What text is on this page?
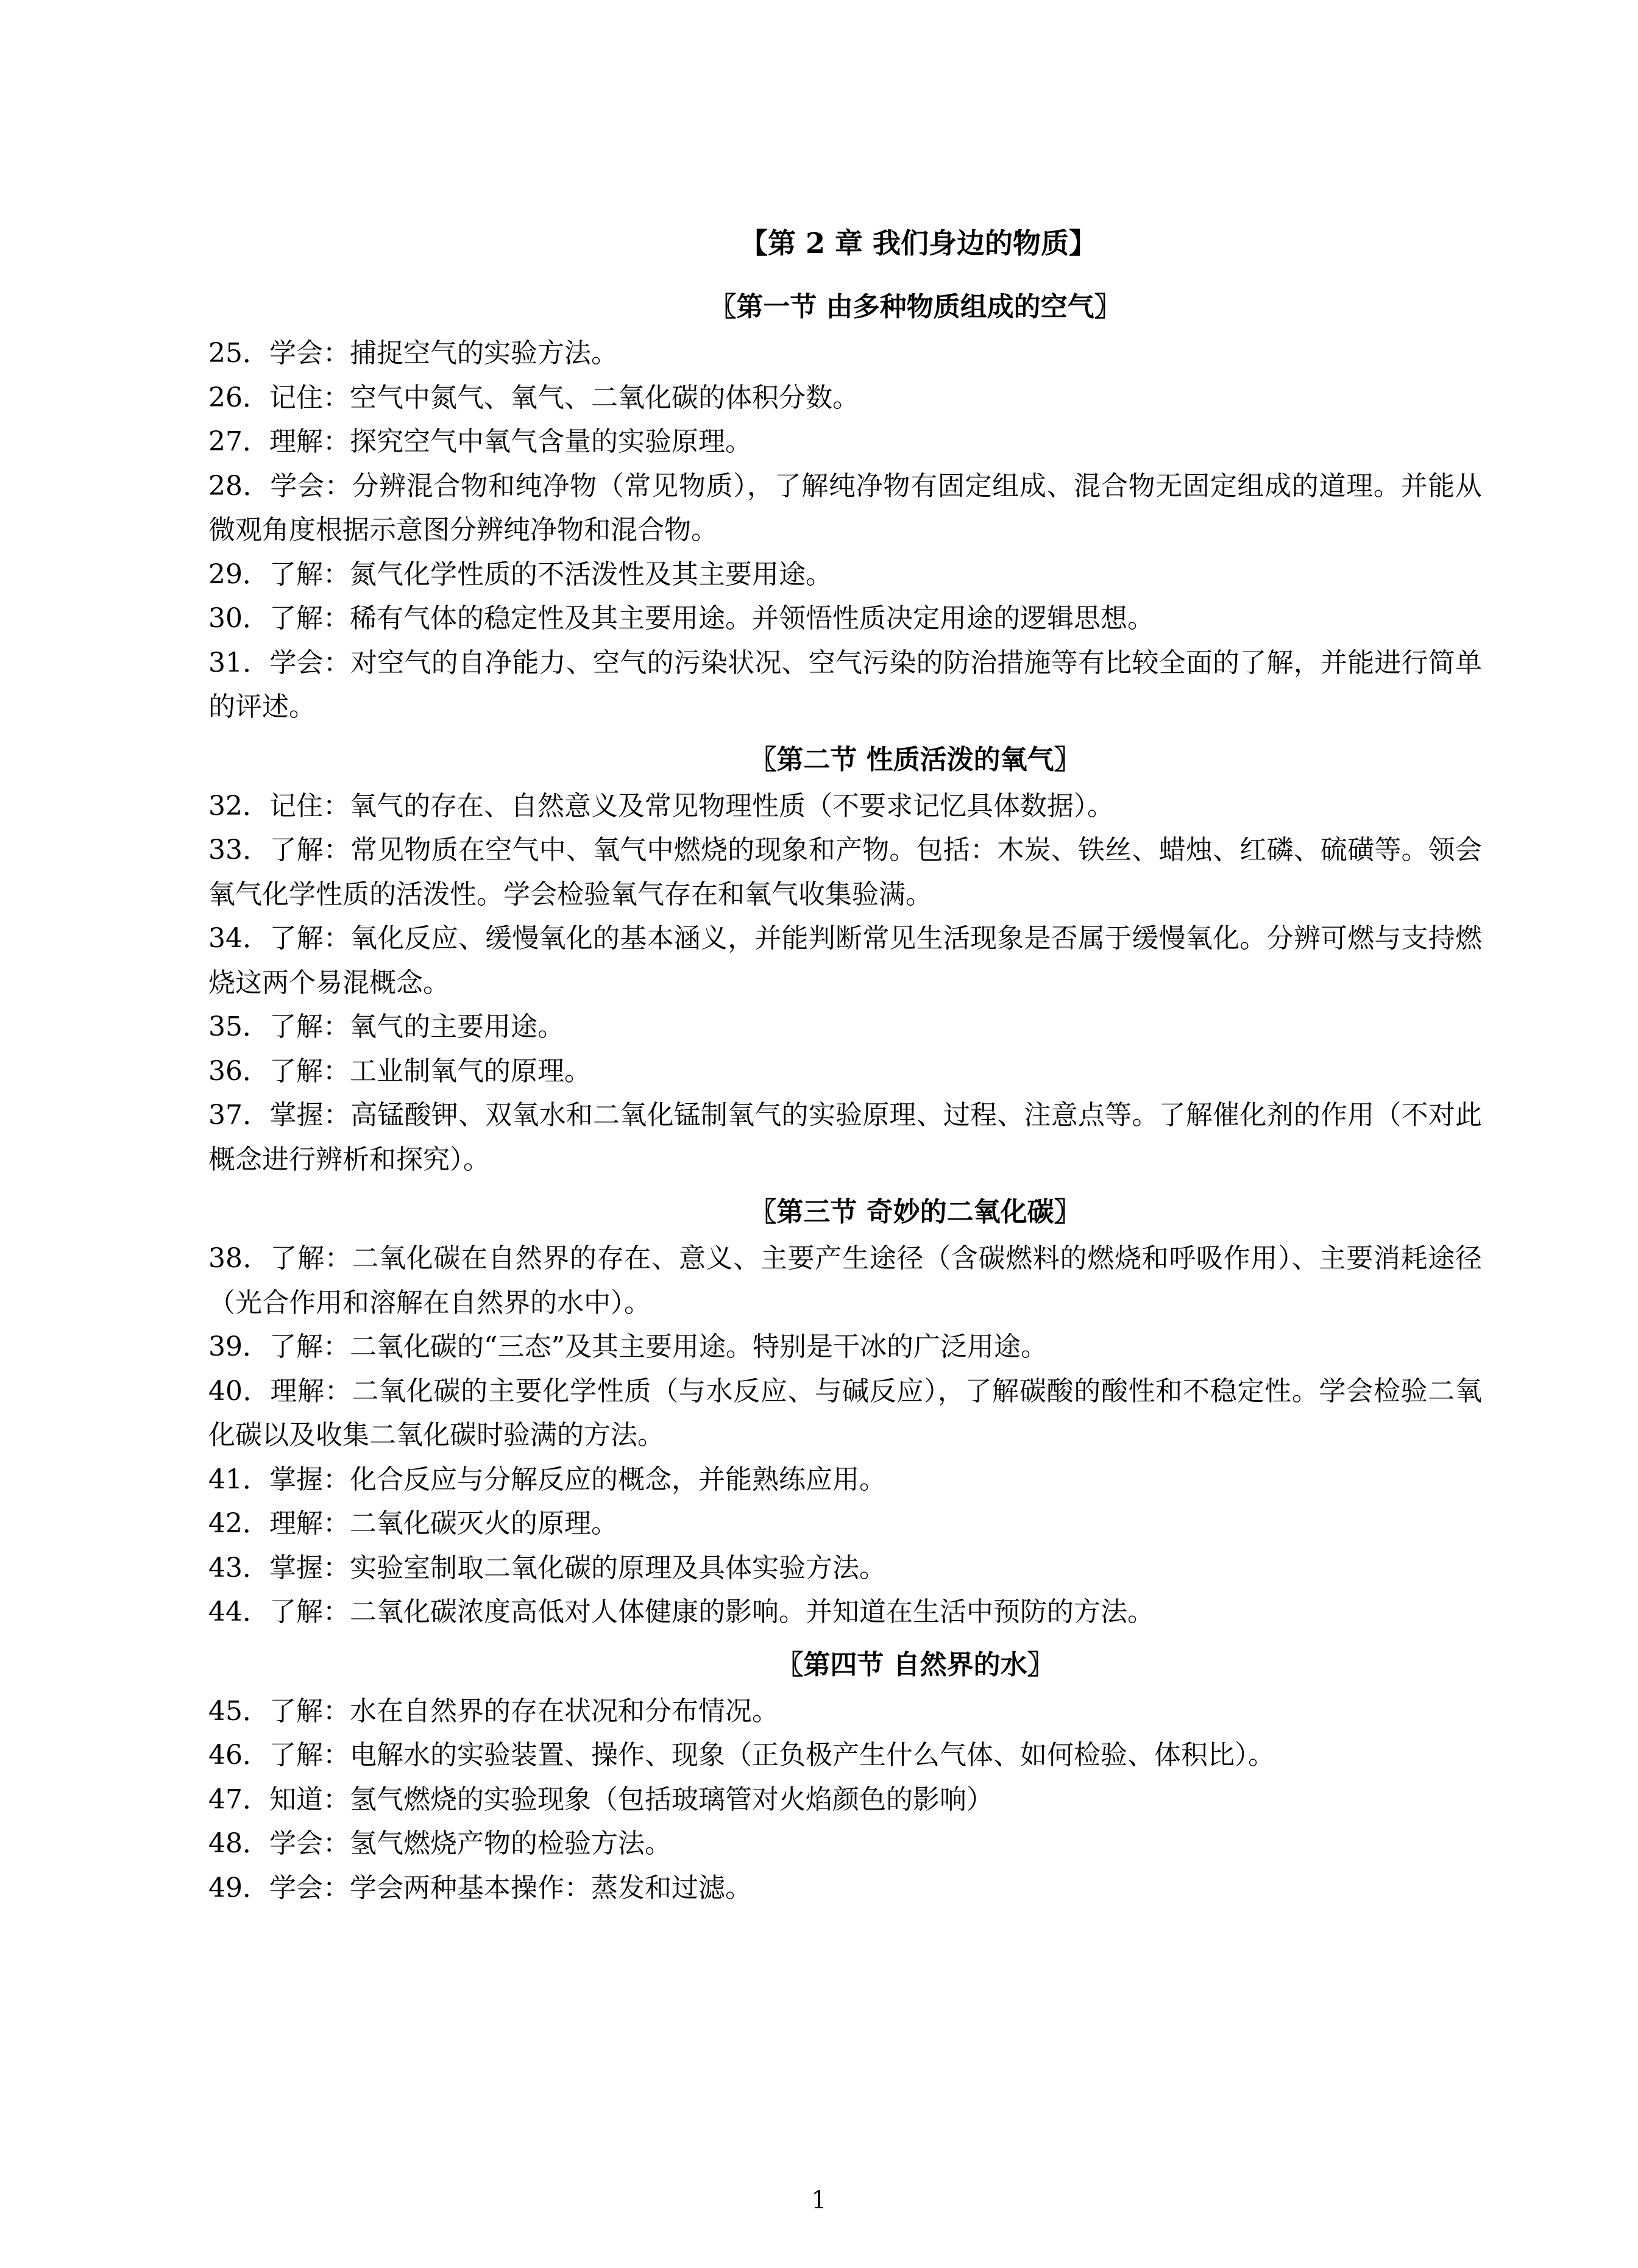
【第 2 章 我们身边的物质】
〖第一节 由多种物质组成的空气〗

25．学会：捕捉空气的实验方法。

26．记住：空气中氮气、氧气、二氧化碳的体积分数。

27．理解：探究空气中氧气含量的实验原理。

28．学会：分辨混合物和纯净物（常见物质），了解纯净物有固定组成、混合物无固定组成的道理。并能从微观角度根据示意图分辨纯净物和混合物。

29．了解：氮气化学性质的不活泼性及其主要用途。

30．了解：稀有气体的稳定性及其主要用途。并领悟性质决定用途的逻辑思想。

31．学会：对空气的自净能力、空气的污染状况、空气污染的防治措施等有比较全面的了解，并能进行简单的评述。

〖第二节 性质活泼的氧气〗

32．记住：氧气的存在、自然意义及常见物理性质（不要求记忆具体数据）。

33．了解：常见物质在空气中、氧气中燃烧的现象和产物。包括：木炭、铁丝、蜡烛、红磷、硫磺等。领会氧气化学性质的活泼性。学会检验氧气存在和氧气收集验满。

34．了解：氧化反应、缓慢氧化的基本涵义，并能判断常见生活现象是否属于缓慢氧化。分辨可燃与支持燃烧这两个易混概念。

35．了解：氧气的主要用途。

36．了解：工业制氧气的原理。

37．掌握：高锰酸钾、双氧水和二氧化锰制氧气的实验原理、过程、注意点等。了解催化剂的作用（不对此概念进行辨析和探究）。

〖第三节 奇妙的二氧化碳〗

38．了解：二氧化碳在自然界的存在、意义、主要产生途径（含碳燃料的燃烧和呼吸作用）、主要消耗途径（光合作用和溶解在自然界的水中）。

39．了解：二氧化碳的“三态”及其主要用途。特别是干冰的广泛用途。

40．理解：二氧化碳的主要化学性质（与水反应、与碱反应），了解碳酸的酸性和不稳定性。学会检验二氧化碳以及收集二氧化碳时验满的方法。

41．掌握：化合反应与分解反应的概念，并能熟练应用。

42．理解：二氧化碳灭火的原理。

43．掌握：实验室制取二氧化碳的原理及具体实验方法。

44．了解：二氧化碳浓度高低对人体健康的影响。并知道在生活中预防的方法。

〖第四节 自然界的水〗

45．了解：水在自然界的存在状况和分布情况。

46．了解：电解水的实验装置、操作、现象（正负极产生什么气体、如何检验、体积比）。

47．知道：氢气燃烧的实验现象（包括玻璃管对火焰颜色的影响）

48．学会：氢气燃烧产物的检验方法。

49．学会：学会两种基本操作：蒸发和过滤。

1
